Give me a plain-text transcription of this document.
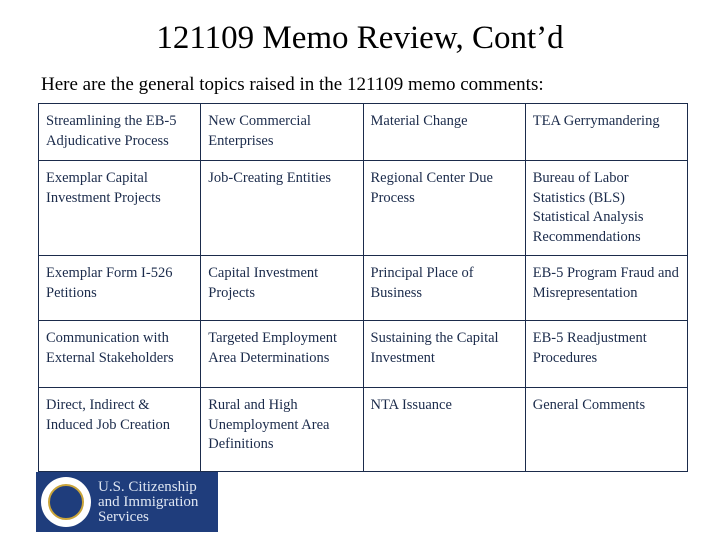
121109 Memo Review, Cont’d
Here are the general topics raised in the 121109 memo comments:
Streamlining the EB-5 Adjudicative Process	New Commercial Enterprises	Material Change	TEA Gerrymandering
Exemplar Capital Investment Projects	Job-Creating Entities	Regional Center Due Process	Bureau of Labor Statistics (BLS) Statistical Analysis Recommendations
Exemplar Form I-526 Petitions	Capital Investment Projects	Principal Place of Business	EB-5 Program Fraud and Misrepresentation
Communication with External Stakeholders	Targeted Employment Area Determinations	Sustaining the Capital Investment	EB-5 Readjustment Procedures
Direct, Indirect & Induced Job Creation	Rural and High Unemployment Area Definitions	NTA Issuance	General Comments
U.S. Citizenship
and Immigration
Services
